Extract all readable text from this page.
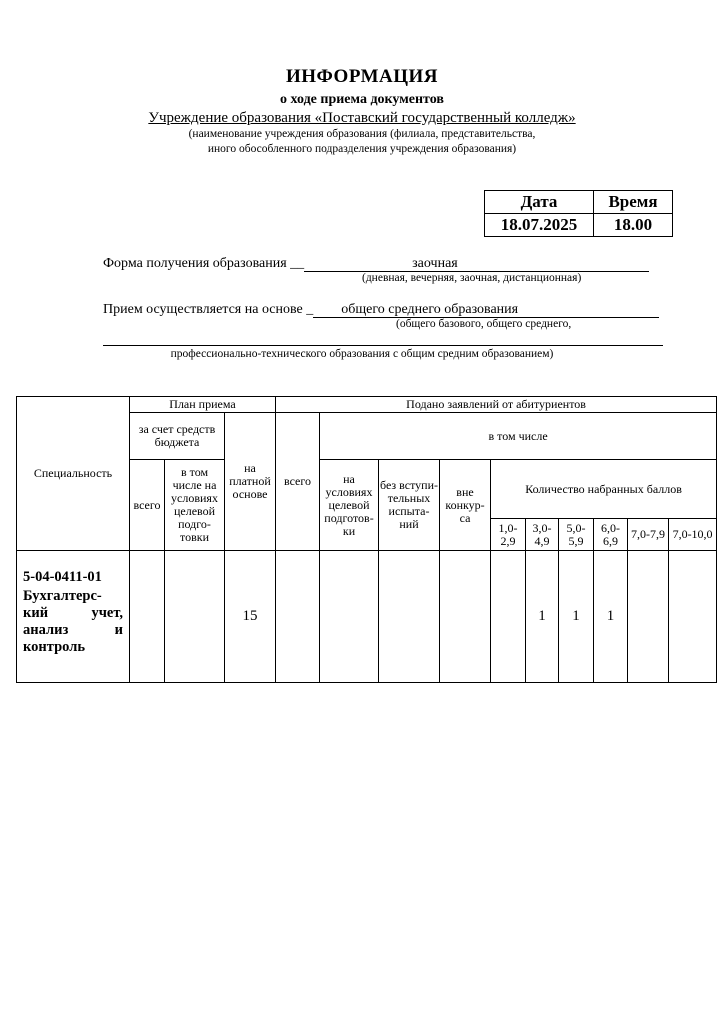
ИНФОРМАЦИЯ
о ходе приема документов
Учреждение образования «Поставский государственный колледж»
(наименование учреждения образования (филиала, представительства,
иного обособленного подразделения учреждения образования)
Дата	Время
18.07.2025	18.00
Форма получения образования __	заочная
(дневная, вечерняя, заочная, дистанционная)
Прием осуществляется на основе _ общего среднего образования
(общего базового, общего среднего,
профессионально-технического образования с общим средним образованием)
Специальность	План приема			Подано заявлений от абитуриентов									
	за счет средств бюджета		на платной основе	всего	в том числе								
	всего	в том числе на условиях целевой подго-товки			на условиях целевой подготов-ки	без вступи-тельных испыта-ний	вне конкур-са	Количество набранных баллов					
								1,0-2,9	3,0-4,9	5,0-5,9	6,0-6,9	7,0-7,9	7,0-10,0

5-04-0411-01
Бухгалтерс-кий учет, анализ и контроль			15						1	1	1		
